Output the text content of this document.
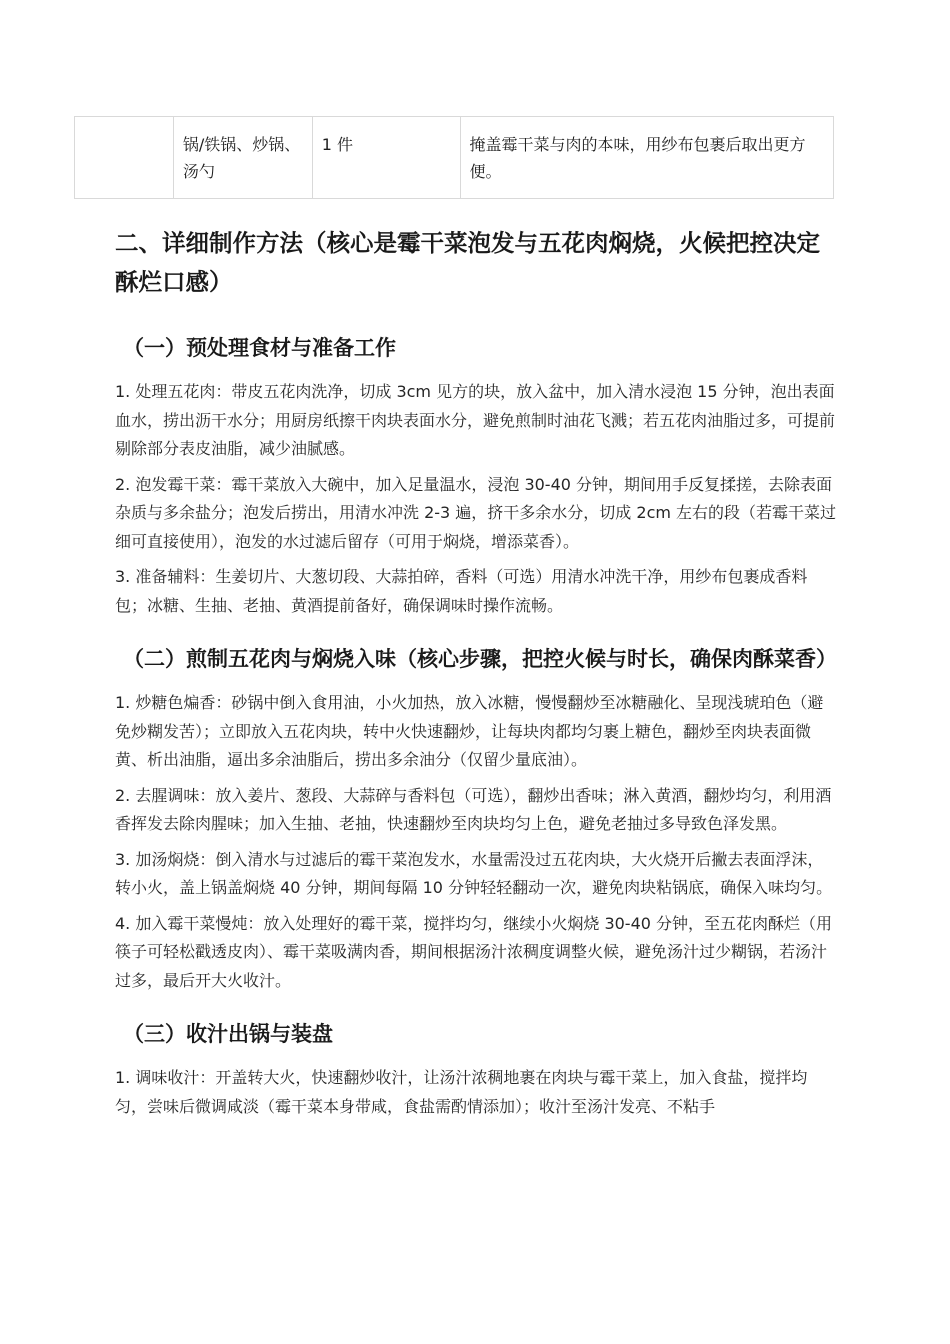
	锅/铁锅、炒锅、汤勺	1 件	掩盖霉干菜与肉的本味，用纱布包裹后取出更方便。
二、详细制作方法（核心是霉干菜泡发与五花肉焖烧，火候把控决定酥烂口感）
（一）预处理食材与准备工作

1. 处理五花肉：带皮五花肉洗净，切成 3cm 见方的块，放入盆中，加入清水浸泡 15 分钟，泡出表面血水，捞出沥干水分；用厨房纸擦干肉块表面水分，避免煎制时油花飞溅；若五花肉油脂过多，可提前剔除部分表皮油脂，减少油腻感。

2. 泡发霉干菜：霉干菜放入大碗中，加入足量温水，浸泡 30-40 分钟，期间用手反复揉搓，去除表面杂质与多余盐分；泡发后捞出，用清水冲洗 2-3 遍，挤干多余水分，切成 2cm 左右的段（若霉干菜过细可直接使用），泡发的水过滤后留存（可用于焖烧，增添菜香）。

3. 准备辅料：生姜切片、大葱切段、大蒜拍碎，香料（可选）用清水冲洗干净，用纱布包裹成香料包；冰糖、生抽、老抽、黄酒提前备好，确保调味时操作流畅。

（二）煎制五花肉与焖烧入味（核心步骤，把控火候与时长，确保肉酥菜香）

1. 炒糖色煸香：砂锅中倒入食用油，小火加热，放入冰糖，慢慢翻炒至冰糖融化、呈现浅琥珀色（避免炒糊发苦）；立即放入五花肉块，转中火快速翻炒，让每块肉都均匀裹上糖色，翻炒至肉块表面微黄、析出油脂，逼出多余油脂后，捞出多余油分（仅留少量底油）。

2. 去腥调味：放入姜片、葱段、大蒜碎与香料包（可选），翻炒出香味；淋入黄酒，翻炒均匀，利用酒香挥发去除肉腥味；加入生抽、老抽，快速翻炒至肉块均匀上色，避免老抽过多导致色泽发黑。

3. 加汤焖烧：倒入清水与过滤后的霉干菜泡发水，水量需没过五花肉块，大火烧开后撇去表面浮沫，转小火，盖上锅盖焖烧 40 分钟，期间每隔 10 分钟轻轻翻动一次，避免肉块粘锅底，确保入味均匀。

4. 加入霉干菜慢炖：放入处理好的霉干菜，搅拌均匀，继续小火焖烧 30-40 分钟，至五花肉酥烂（用筷子可轻松戳透皮肉）、霉干菜吸满肉香，期间根据汤汁浓稠度调整火候，避免汤汁过少糊锅，若汤汁过多，最后开大火收汁。

（三）收汁出锅与装盘

1. 调味收汁：开盖转大火，快速翻炒收汁，让汤汁浓稠地裹在肉块与霉干菜上，加入食盐，搅拌均匀，尝味后微调咸淡（霉干菜本身带咸，食盐需酌情添加）；收汁至汤汁发亮、不粘手
